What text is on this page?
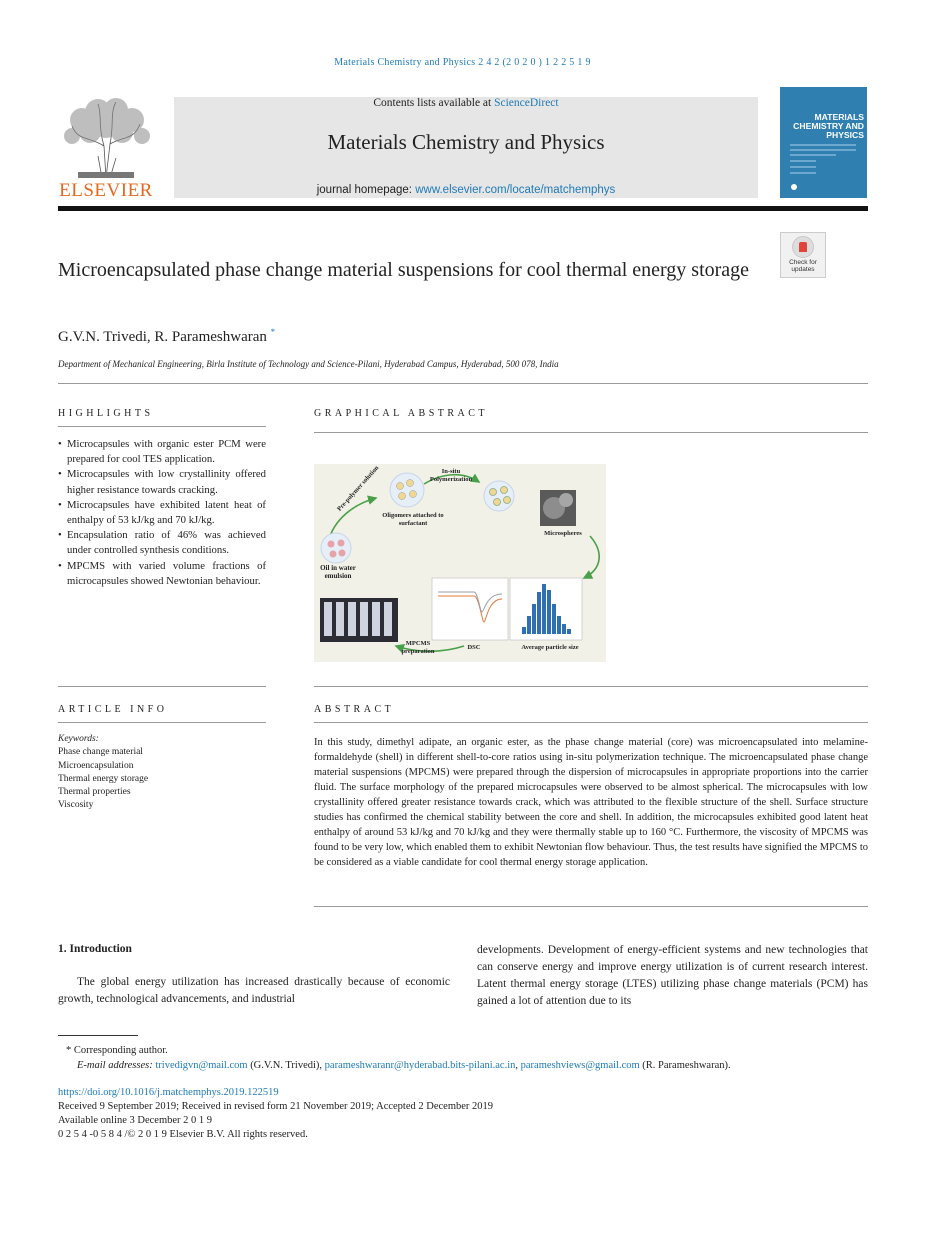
Materials Chemistry and Physics 2 4 2 (2 0 2 0 ) 1 2 2 5 1 9
ELSEVIER
Contents lists available at ScienceDirect
Materials Chemistry and Physics
journal homepage: www.elsevier.com/locate/matchemphys
MATERIALS CHEMISTRY AND PHYSICS
Check for updates
Microencapsulated phase change material suspensions for cool thermal energy storage
G.V.N. Trivedi, R. Parameshwaran *
Department of Mechanical Engineering, Birla Institute of Technology and Science-Pilani, Hyderabad Campus, Hyderabad, 500 078, India
HIGHLIGHTS
• Microcapsules with organic ester PCM were prepared for cool TES application.
• Microcapsules with low crystallinity offered higher resistance towards cracking.
• Microcapsules have exhibited latent heat of enthalpy of 53 kJ/kg and 70 kJ/kg.
• Encapsulation ratio of 46% was achieved under controlled synthesis conditions.
• MPCMS with varied volume fractions of microcapsules showed Newtonian behaviour.
GRAPHICAL ABSTRACT
Oil in water emulsion
Pre-polymer solution
Oligomers attached to surfactant
In-situ Polymerization
Microspheres
Average particle size
DSC
MPCMS preparation
ARTICLE INFO
Keywords:
Phase change material
Microencapsulation
Thermal energy storage
Thermal properties
Viscosity
ABSTRACT
In this study, dimethyl adipate, an organic ester, as the phase change material (core) was microencapsulated into melamine-formaldehyde (shell) in different shell-to-core ratios using in-situ polymerization technique. The microencapsulated phase change material suspensions (MPCMS) were prepared through the dispersion of microcapsules in appropriate proportions into the carrier fluid. The surface morphology of the prepared microcapsules were observed to be almost spherical. The microcapsules with low crystallinity offered greater resistance towards crack, which was attributed to the flexible structure of the shell. Surface structure studies has confirmed the chemical stability between the core and shell. In addition, the microcapsules exhibited good latent heat enthalpy of around 53 kJ/kg and 70 kJ/kg and they were thermally stable up to 160 °C. Furthermore, the viscosity of MPCMS was found to be very low, which enabled them to exhibit Newtonian flow behaviour. Thus, the test results have signified the MPCMS to be considered as a viable candidate for cool thermal energy storage application.
1. Introduction
The global energy utilization has increased drastically because of economic growth, technological advancements, and industrial
developments. Development of energy-efficient systems and new technologies that can conserve energy and improve energy utilization is of current research interest. Latent thermal energy storage (LTES) utilizing phase change materials (PCM) has gained a lot of attention due to its
* Corresponding author.
E-mail addresses: trivedigvn@mail.com (G.V.N. Trivedi), parameshwaranr@hyderabad.bits-pilani.ac.in, parameshviews@gmail.com (R. Parameshwaran).
https://doi.org/10.1016/j.matchemphys.2019.122519
Received 9 September 2019; Received in revised form 21 November 2019; Accepted 2 December 2019
Available online 3 December 2 0 1 9
0 2 5 4 -0 5 8 4 /© 2 0 1 9 Elsevier B.V. All rights reserved.
